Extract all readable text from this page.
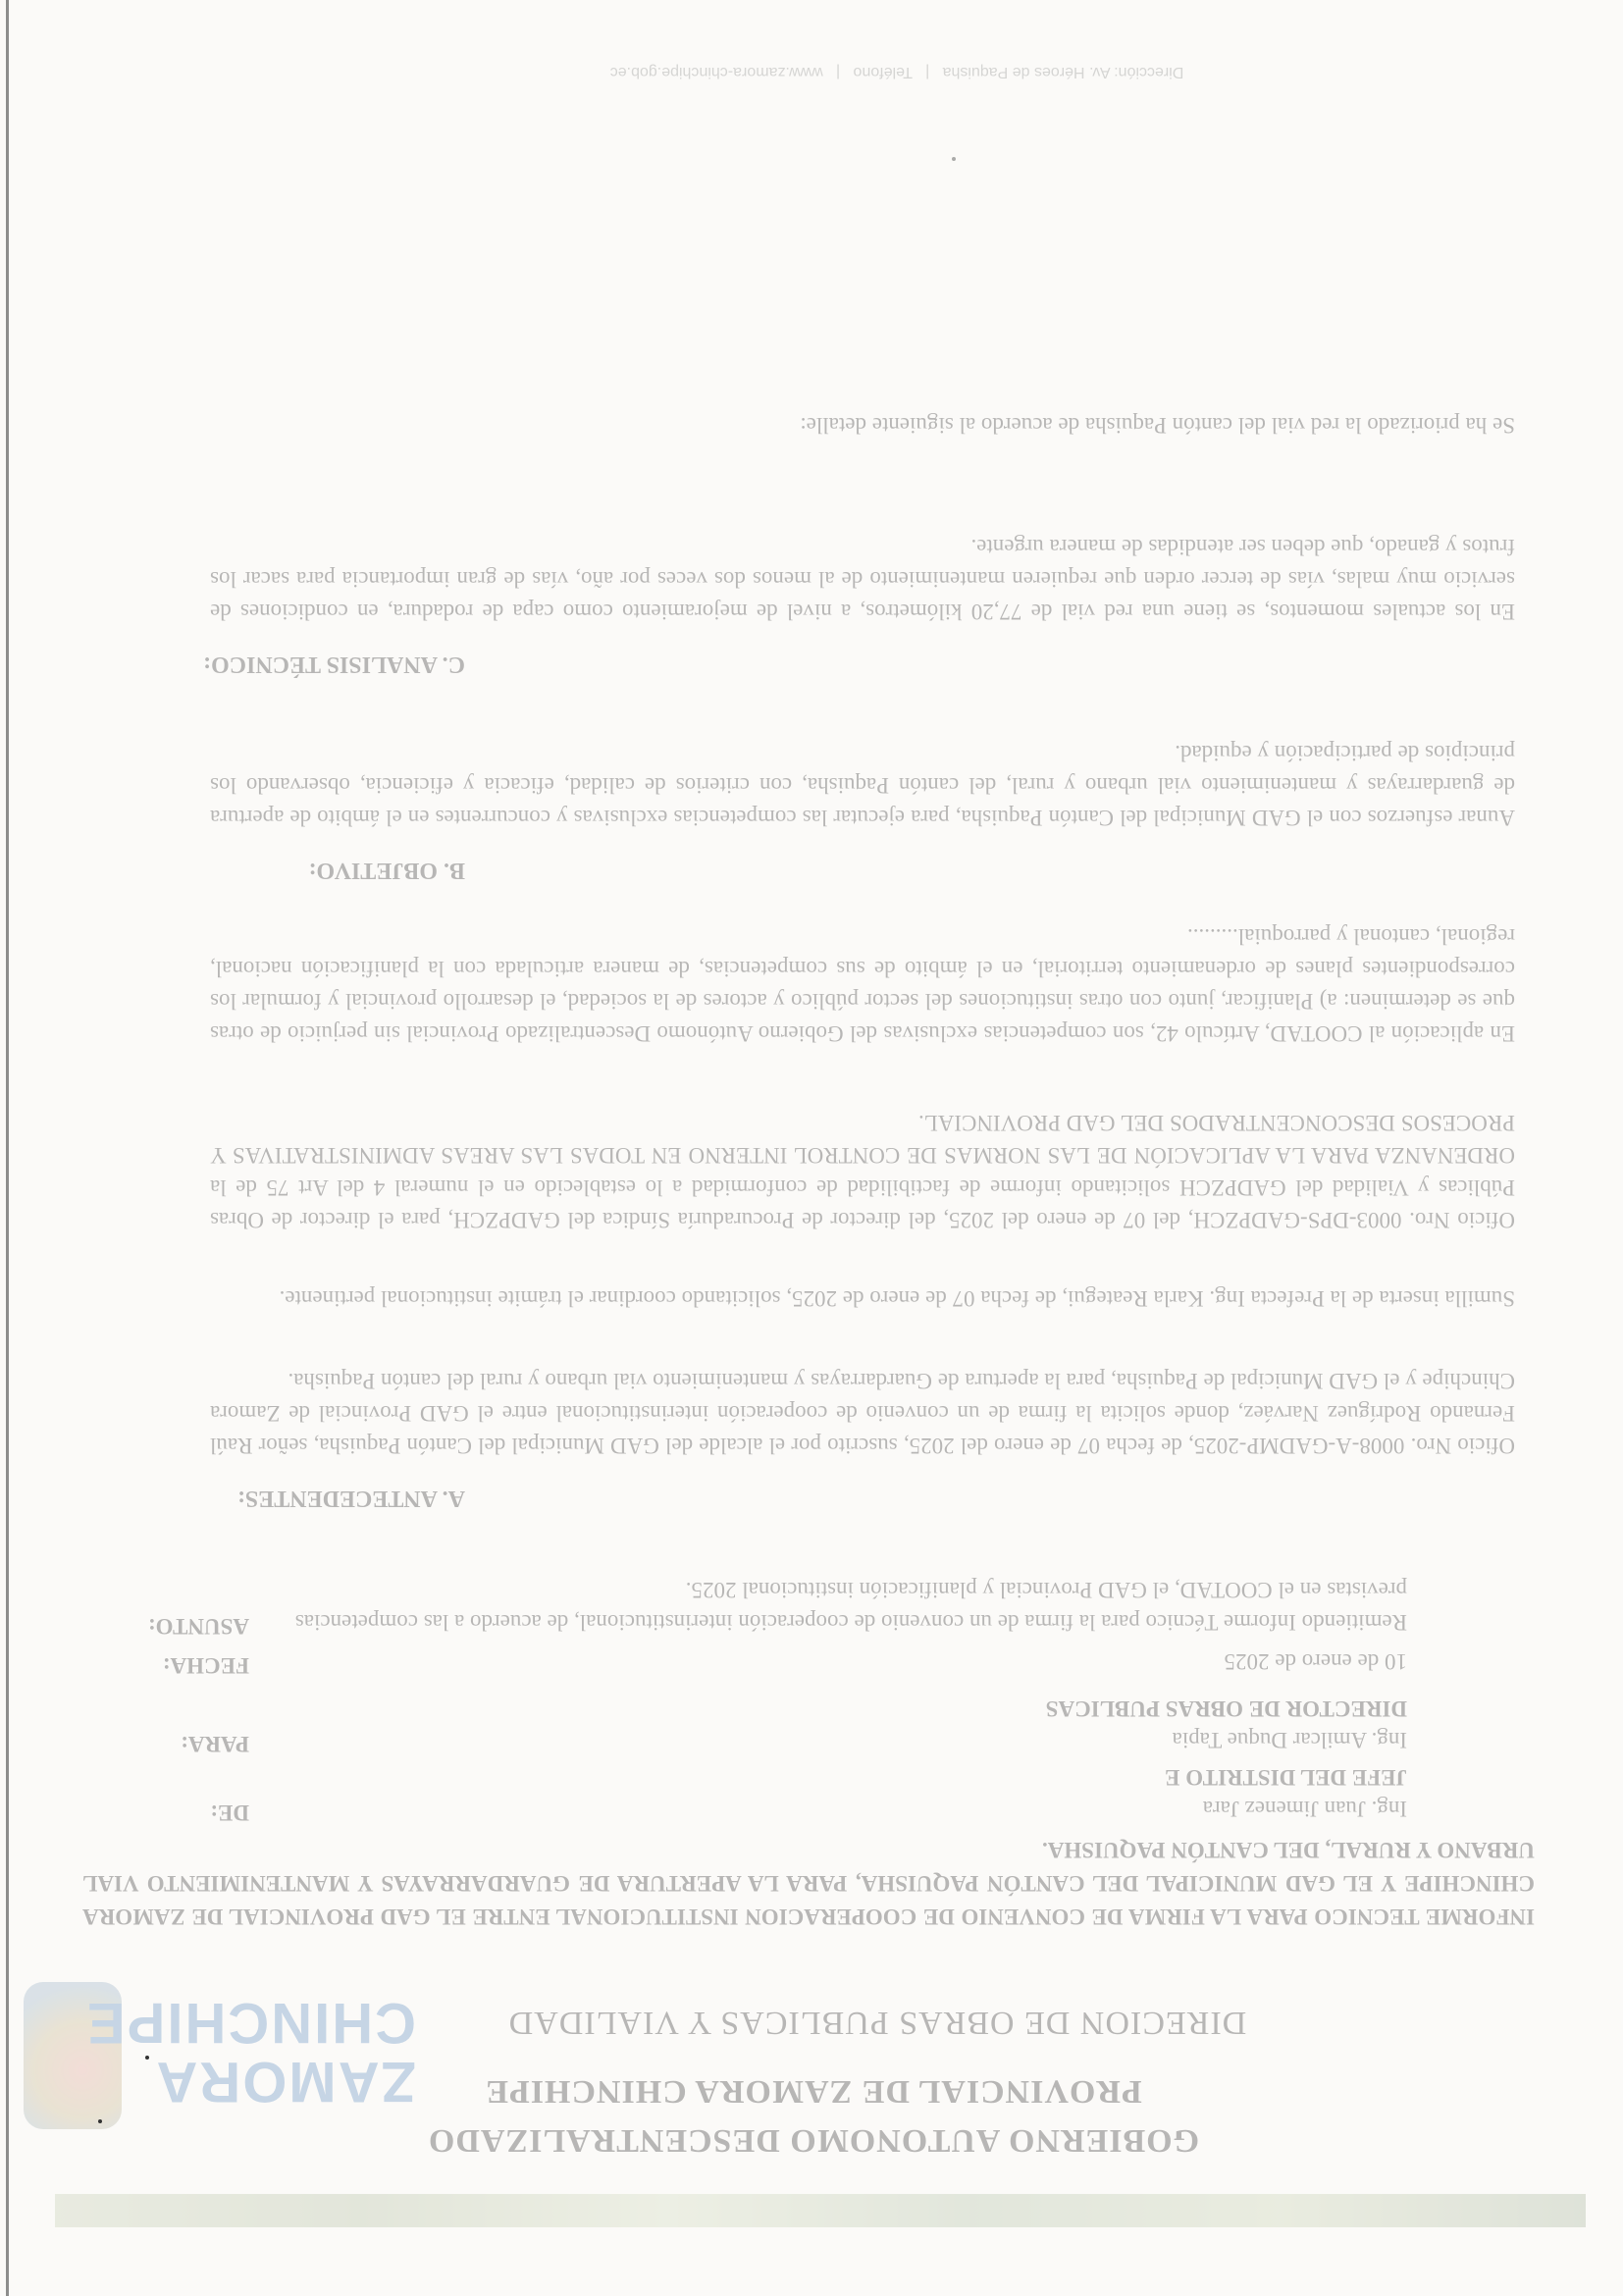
ZAMORA
CHINCHIPE
GOBIERNO AUTONOMO DESCENTRALIZADO
PROVINCIAL DE ZAMORA CHINCHIPE
DIRECION DE OBRAS PUBLICAS Y VIALIDAD
INFORME TECNICO PARA LA FIRMA DE CONVENIO DE COOPERACION INSTITUCIONAL ENTRE EL GAD PROVINCIAL DE ZAMORA CHINCHIPE Y EL GAD MUNICIPAL DEL CANTÓN PAQUISHA, PARA LA APERTURA DE GUARDARRAYAS Y MANTENIMIENTO VIAL URBANO Y RURAL, DEL CANTÓN PAQUISHA.
DE:	Ing. Juan Jimenez Jara
JEFE DEL DISTRITO E
PARA:	Ing. Amilcar Duque Tapia
DIRECTOR DE OBRAS PUBLICAS
FECHA:	10 de enero de 2025
ASUNTO:	Remitiendo Informe Técnico para la firma de un convenio de cooperación interinstitucional, de acuerdo a las competencias previstas en el COOTAD, el GAD Provincial y planificación institucional 2025.
A. ANTECEDENTES:
Oficio Nro. 0008-A-GADMP-2025, de fecha 07 de enero del 2025, suscrito por el alcalde del GAD Municipal del Cantón Paquisha, señor Raúl Fernando Rodríguez Narváez, donde solicita la firma de un convenio de cooperación interinstitucional entre el GAD Provincial de Zamora Chinchipe y el GAD Municipal de Paquisha, para la apertura de Guardarrayas y mantenimiento vial urbano y rural del cantón Paquisha.
Sumilla inserta de la Prefecta Ing. Karla Reategui, de fecha 07 de enero de 2025, solicitando coordinar el trámite institucional pertinente.
Oficio Nro. 0003-DPS-GADPZCH, del 07 de enero del 2025, del director de Procuraduría Síndica del GADPZCH, para el director de Obras Públicas y Vialidad del GADPZCH solicitando informe de factibilidad de conformidad a lo establecido en el numeral 4 del Art 75 de la ORDENANZA PARA LA APLICACIÓN DE LAS NORMAS DE CONTROL INTERNO EN TODAS LAS AREAS ADMINISTRATIVAS Y PROCESOS DESCONCENTRADOS DEL GAD PROVINCIAL.
En aplicación al COOTAD, Artículo 42, son competencias exclusivas del Gobierno Autónomo Descentralizado Provincial sin perjuicio de otras que se determinen: a) Planificar, junto con otras instituciones del sector público y actores de la sociedad, el desarrollo provincial y formular los correspondientes planes de ordenamiento territorial, en el ámbito de sus competencias, de manera articulada con la planificación nacional, regional, cantonal y parroquial.........
B. OBJETIVO:
Aunar esfuerzos con el GAD Municipal del Cantón Paquisha, para ejecutar las competencias exclusivas y concurrentes en el ámbito de apertura de guardarrayas y mantenimiento vial urbano y rural, del cantón Paquisha, con criterios de calidad, eficacia y eficiencia, observando los principios de participación y equidad.
C. ANALISIS TÉCNICO:
En los actuales momentos, se tiene una red vial de 77,20 kilómetros, a nivel de mejoramiento como capa de rodadura, en condiciones de servicio muy malas, vías de tercer orden que requieren mantenimiento de al menos dos veces por año, vías de gran importancia para sacar los frutos y ganado, que deben ser atendidas de manera urgente.
Se ha priorizado la red vial del cantón Paquisha de acuerdo al siguiente detalle:
Dirección: Av. Héroes de Paquisha   |   Teléfono   |   www.zamora-chinchipe.gob.ec
